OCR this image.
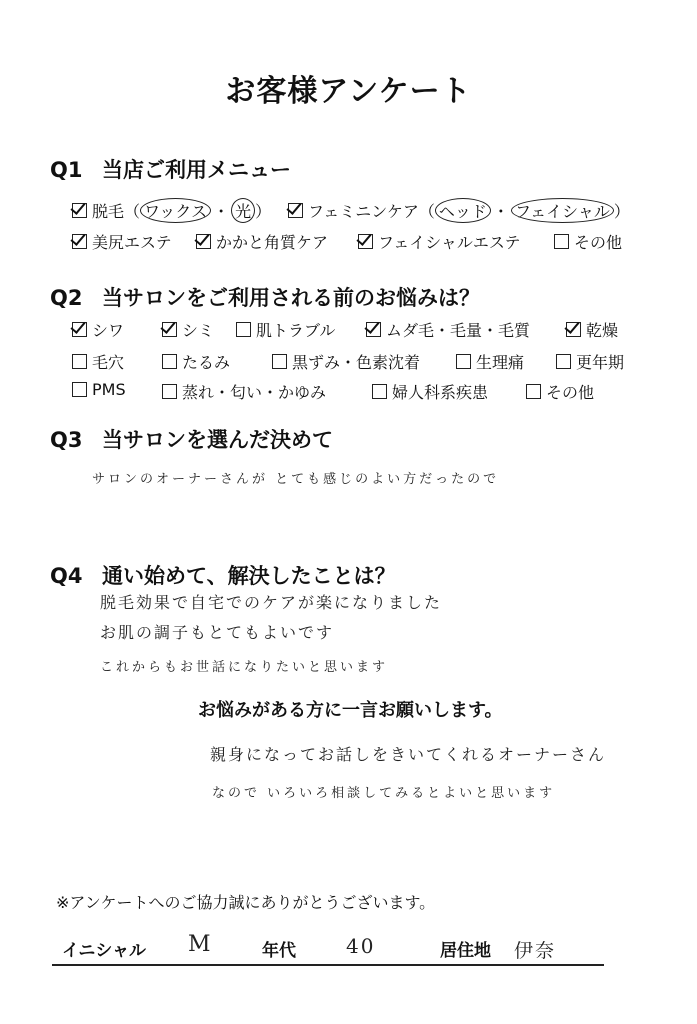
お客様アンケート
Q1 当店ご利用メニュー
脱毛 （ ワックス ・ 光 ） フェミニンケア （ ヘッド ・ フェイシャル ）
美尻エステ	かかと角質ケア	フェイシャルエステ	その他
Q2 当サロンをご利用される前のお悩みは？
シワ	シミ	肌トラブル	ムダ毛・毛量・毛質	乾燥
毛穴	たるみ	黒ずみ・色素沈着	生理痛	更年期
PMS	蒸れ・匂い・かゆみ	婦人科系疾患	その他
Q3 当サロンを選んだ決めて
サロンのオーナーさんが とても感じのよい方だったので
Q4 通い始めて、解決したことは？
脱毛効果で自宅でのケアが楽になりました
お肌の調子もとてもよいです
これからもお世話になりたいと思います
お悩みがある方に一言お願いします。
親身になってお話しをきいてくれるオーナーさん
なので いろいろ相談してみるとよいと思います
※アンケートへのご協力誠にありがとうございます。
イニシャル M	年代	40	居住地 伊奈
